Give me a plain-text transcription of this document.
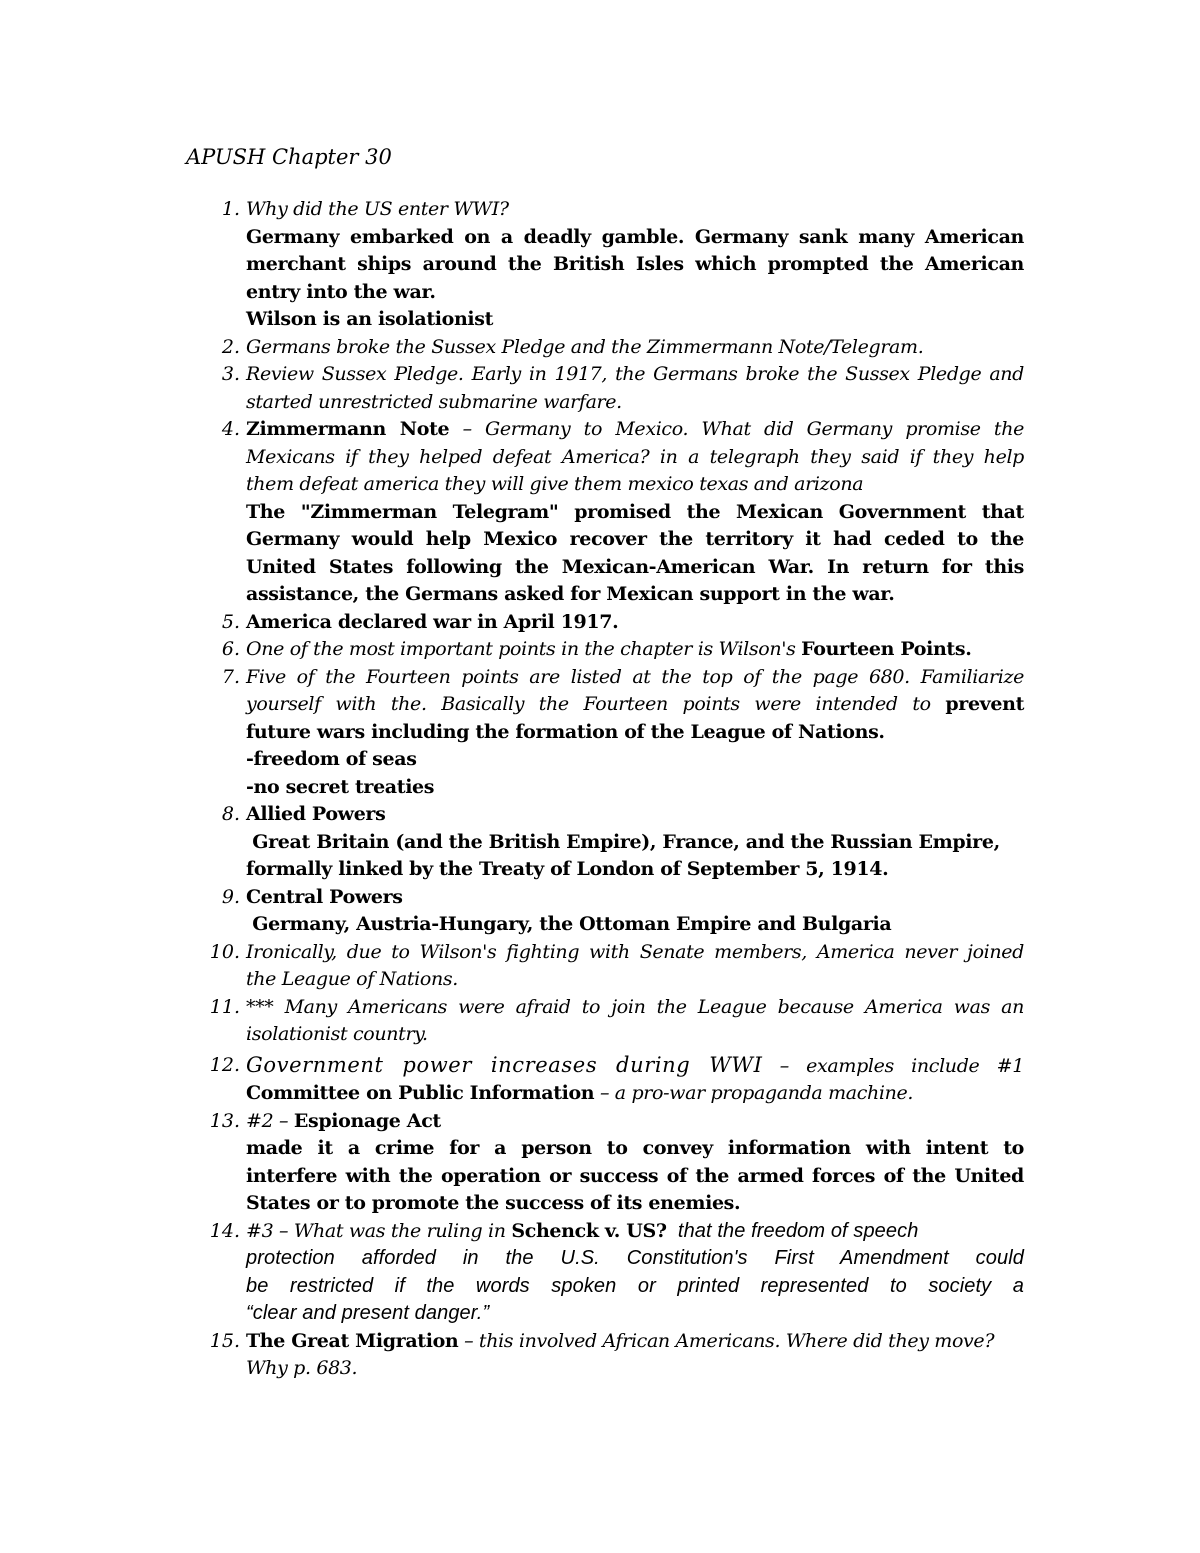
APUSH Chapter 30
1. Why did the US enter WWI?
Germany embarked on a deadly gamble. Germany sank many American
merchant ships around the British Isles which prompted the American
entry into the war.
Wilson is an isolationist
2. Germans broke the Sussex Pledge and the Zimmermann Note/Telegram.
3. Review Sussex Pledge. Early in 1917, the Germans broke the Sussex Pledge and
started unrestricted submarine warfare.
4. Zimmermann Note – Germany to Mexico. What did Germany promise the
Mexicans if they helped defeat America? in a telegraph they said if they help
them defeat america they will give them mexico texas and arizona
The "Zimmerman Telegram" promised the Mexican Government that
Germany would help Mexico recover the territory it had ceded to the
United States following the Mexican-American War. In return for this
assistance, the Germans asked for Mexican support in the war.
5. America declared war in April 1917.
6. One of the most important points in the chapter is Wilson's Fourteen Points.
7. Five of the Fourteen points are listed at the top of the page 680. Familiarize
yourself with the. Basically the Fourteen points were intended to prevent
future wars including the formation of the League of Nations.
-freedom of seas
-no secret treaties
8. Allied Powers
Great Britain (and the British Empire), France, and the Russian Empire,
formally linked by the Treaty of London of September 5, 1914.
9. Central Powers
Germany, Austria-Hungary, the Ottoman Empire and Bulgaria
10. Ironically, due to Wilson's fighting with Senate members, America never joined
the League of Nations.
11. *** Many Americans were afraid to join the League because America was an
isolationist country.
12. Government power increases during WWI – examples include #1
Committee on Public Information – a pro-war propaganda machine.
13. #2 – Espionage Act
made it a crime for a person to convey information with intent to
interfere with the operation or success of the armed forces of the United
States or to promote the success of its enemies.
14. #3 – What was the ruling in Schenck v. US?  that the freedom of speech
protection afforded in the U.S. Constitution's First Amendment could
be restricted if the words spoken or printed represented to society a
“clear and present danger.”
15. The Great Migration – this involved African Americans. Where did they move?
Why p. 683.
